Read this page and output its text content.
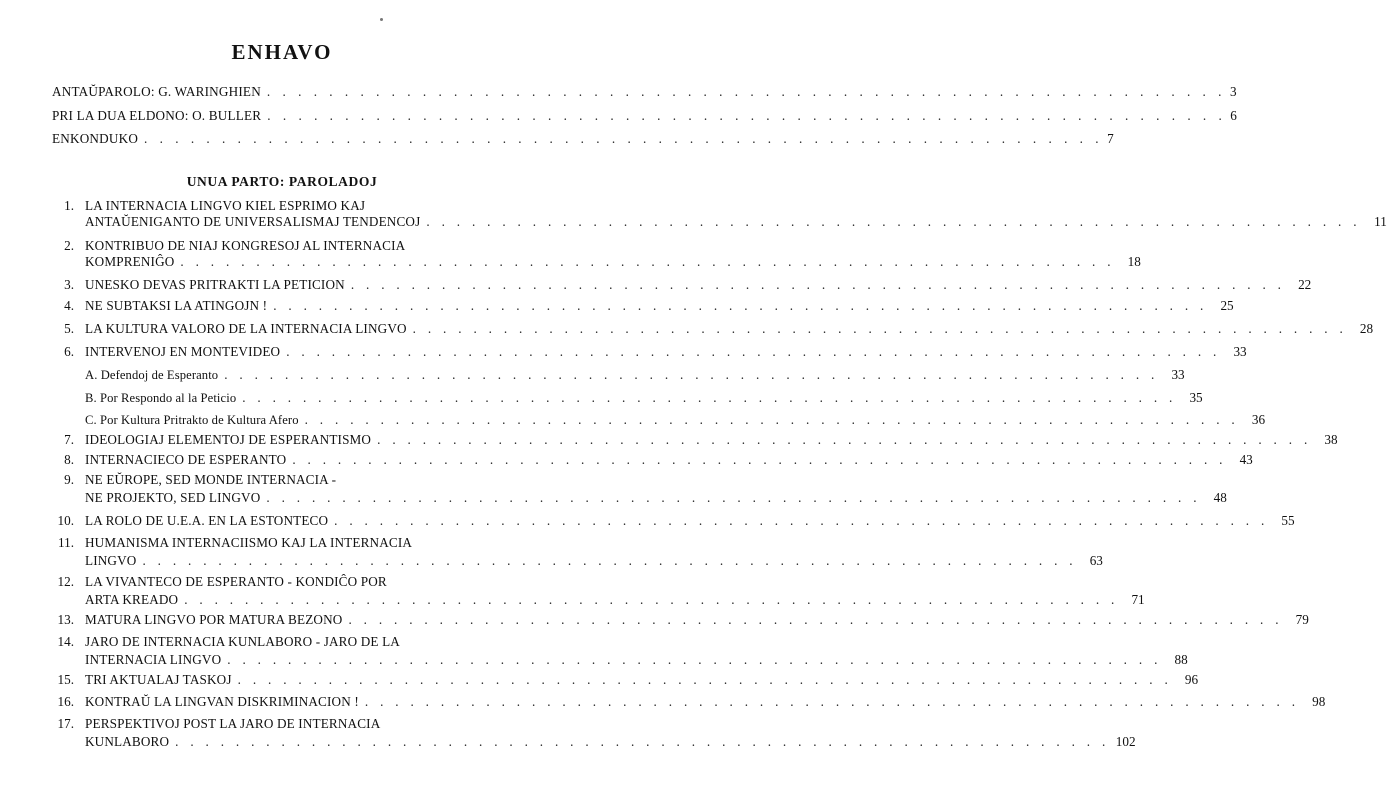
ENHAVO
ANTAŬPAROLO: G. WARINGHIEN . . . . . . . . . . . . . . . . . . . . . . . . . . . . . . . . . . . . . . . . . . . . . . . . . . . . . . . . . . . . . . 3
PRI LA DUA ELDONO: O. BULLER . . . . . . . . . . . . . . . . . . . . . . . . . . . . . . . . . . . . . . . . . . . . . . . . . . . . . . . . . . . . . . 6
ENKONDUKO . . . . . . . . . . . . . . . . . . . . . . . . . . . . . . . . . . . . . . . . . . . . . . . . . . . . . . . . . . . . . . 7
UNUA PARTO: PAROLADOJ
1. LA INTERNACIA LINGVO KIEL ESPRIMO KAJ
ANTAŬENIGANTO DE UNIVERSALISMAJ TENDENCOJ . . . . . . . . . . . . . . . . . . . . . . . . . . . . . . . . . . . . . . . . . . . . . . . . . . . . . . . . . . . . . .	11
2. KONTRIBUO DE NIAJ KONGRESOJ AL INTERNACIA
KOMPRENIĜO . . . . . . . . . . . . . . . . . . . . . . . . . . . . . . . . . . . . . . . . . . . . . . . . . . . . . . . . . . . . . . 18
3. UNESKO DEVAS PRITRAKTI LA PETICION . . . . . . . . . . . . . . . . . . . . . . . . . . . . . . . . . . . . . . . . . . . . . . . . . . . . . . . . . . . . . . 22
4. NE SUBTAKSI LA ATINGOJN ! . . . . . . . . . . . . . . . . . . . . . . . . . . . . . . . . . . . . . . . . . . . . . . . . . . . . . . . . . . . . . . 25
5. LA KULTURA VALORO DE LA INTERNACIA LINGVO . . . . . . . . . . . . . . . . . . . . . . . . . . . . . . . . . . . . . . . . . . . . . . . . . . . . . . . . . . . . . . 28
6. INTERVENOJ EN MONTEVIDEO . . . . . . . . . . . . . . . . . . . . . . . . . . . . . . . . . . . . . . . . . . . . . . . . . . . . . . . . . . . . . . 33
A. Defendoj de Esperanto . . . . . . . . . . . . . . . . . . . . . . . . . . . . . . . . . . . . . . . . . . . . . . . . . . . . . . . . . . . . . . 33
B. Por Respondo al la Peticio . . . . . . . . . . . . . . . . . . . . . . . . . . . . . . . . . . . . . . . . . . . . . . . . . . . . . . . . . . . . . . 35
C. Por Kultura Pritrakto de Kultura Afero . . . . . . . . . . . . . . . . . . . . . . . . . . . . . . . . . . . . . . . . . . . . . . . . . . . . . . . . . . . . . . 36
7. IDEOLOGIAJ ELEMENTOJ DE ESPERANTISMO . . . . . . . . . . . . . . . . . . . . . . . . . . . . . . . . . . . . . . . . . . . . . . . . . . . . . . . . . . . . . . 38
8. INTERNACIECO DE ESPERANTO . . . . . . . . . . . . . . . . . . . . . . . . . . . . . . . . . . . . . . . . . . . . . . . . . . . . . . . . . . . . . . 43
9. NE EŬROPE, SED MONDE INTERNACIA -
NE PROJEKTO, SED LINGVO . . . . . . . . . . . . . . . . . . . . . . . . . . . . . . . . . . . . . . . . . . . . . . . . . . . . . . . . . . . . . . 48
10. LA ROLO DE U.E.A. EN LA ESTONTECO . . . . . . . . . . . . . . . . . . . . . . . . . . . . . . . . . . . . . . . . . . . . . . . . . . . . . . . . . . . . . . 55
11. HUMANISMA INTERNACIISMO KAJ LA INTERNACIA
LINGVO . . . . . . . . . . . . . . . . . . . . . . . . . . . . . . . . . . . . . . . . . . . . . . . . . . . . . . . . . . . . . . 63
12. LA VIVANTECO DE ESPERANTO - KONDIĈO POR
ARTA KREADO . . . . . . . . . . . . . . . . . . . . . . . . . . . . . . . . . . . . . . . . . . . . . . . . . . . . . . . . . . . . . . 71
13. MATURA LINGVO POR MATURA BEZONO . . . . . . . . . . . . . . . . . . . . . . . . . . . . . . . . . . . . . . . . . . . . . . . . . . . . . . . . . . . . . . 79
14. JARO DE INTERNACIA KUNLABORO - JARO DE LA
INTERNACIA LINGVO . . . . . . . . . . . . . . . . . . . . . . . . . . . . . . . . . . . . . . . . . . . . . . . . . . . . . . . . . . . . . . 88
15. TRI AKTUALAJ TASKOJ . . . . . . . . . . . . . . . . . . . . . . . . . . . . . . . . . . . . . . . . . . . . . . . . . . . . . . . . . . . . . . 96
16. KONTRAŬ LA LINGVAN DISKRIMINACION ! . . . . . . . . . . . . . . . . . . . . . . . . . . . . . . . . . . . . . . . . . . . . . . . . . . . . . . . . . . . . . . 98
17. PERSPEKTIVOJ POST LA JARO DE INTERNACIA
KUNLABORO . . . . . . . . . . . . . . . . . . . . . . . . . . . . . . . . . . . . . . . . . . . . . . . . . . . . . . . . . . . . . . 102
